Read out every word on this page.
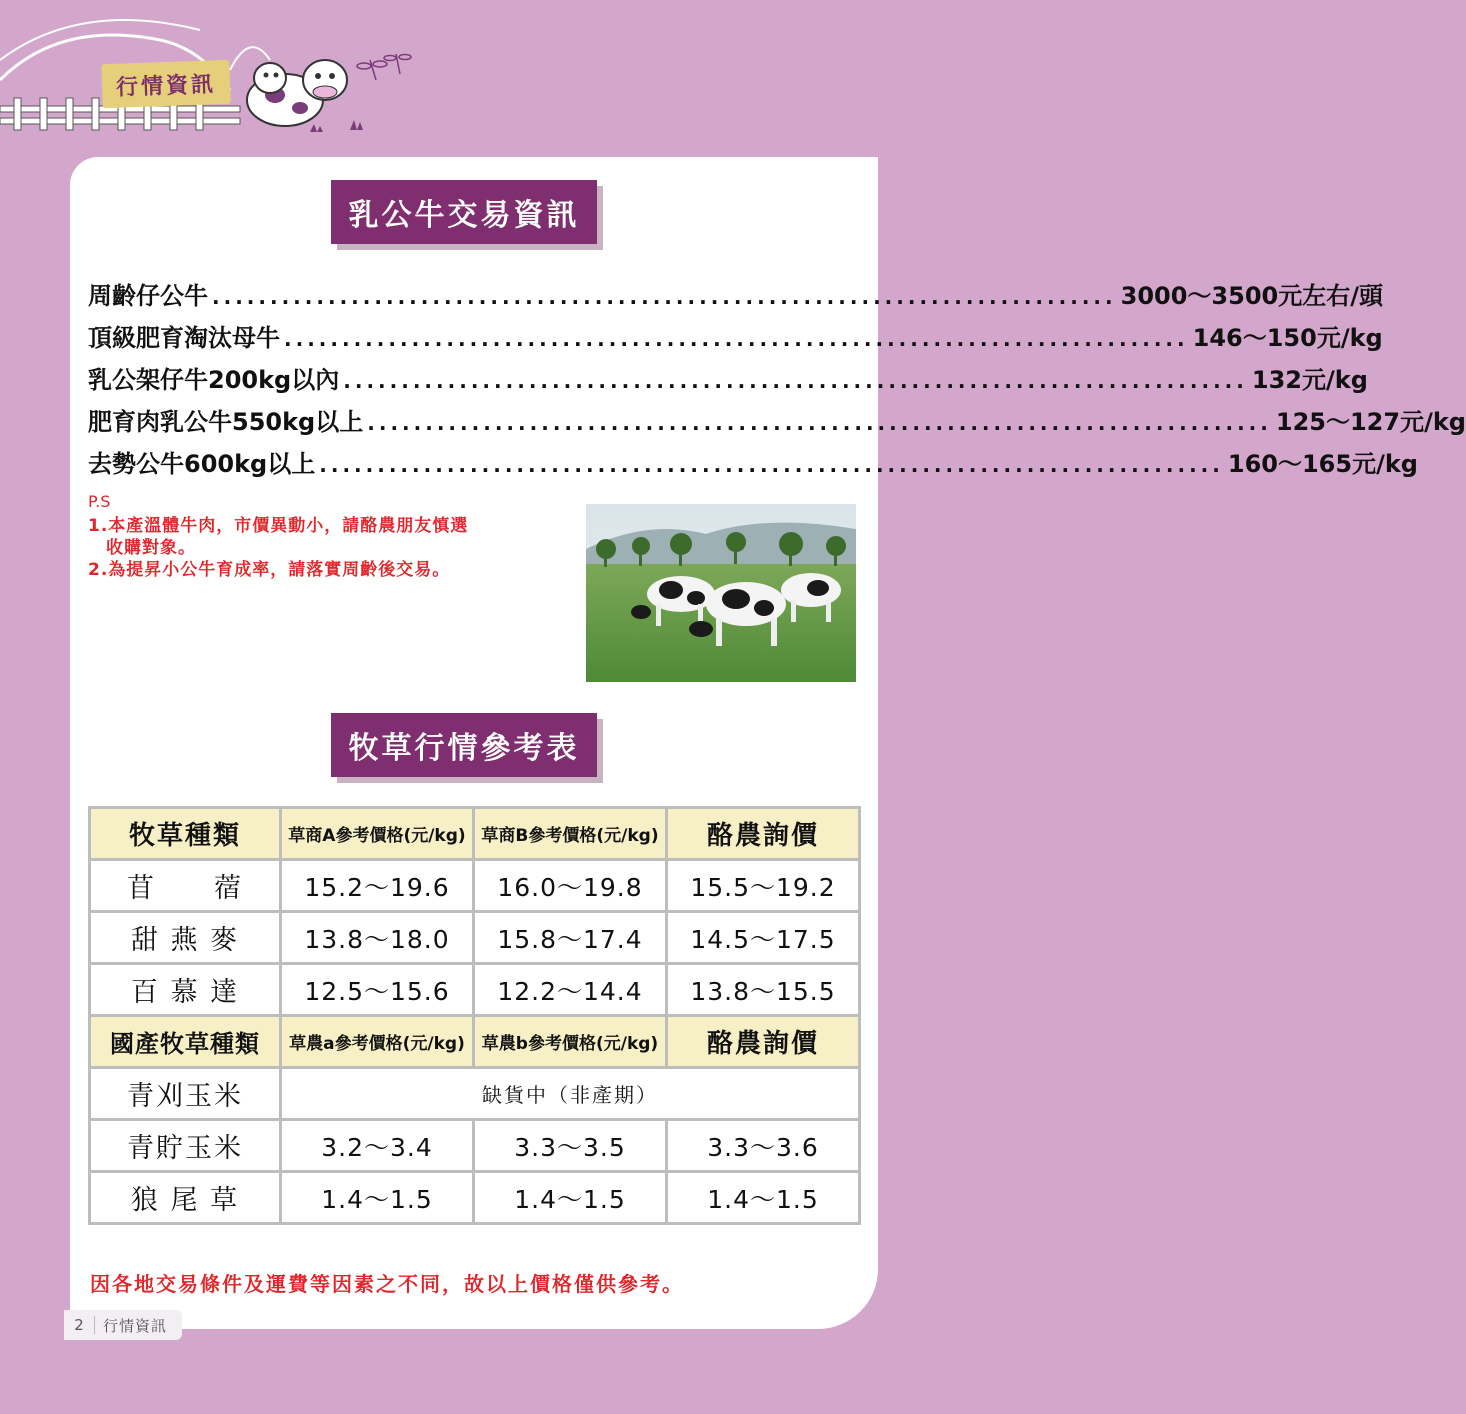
行情資訊
乳公牛交易資訊
周齡仔公牛 .............................................................................. 3000～3500元左右/頭
頂級肥育淘汰母牛 .............................................................................. 146～150元/kg
乳公架仔牛200kg以內 .............................................................................. 132元/kg
肥育肉乳公牛550kg以上 .............................................................................. 125～127元/kg
去勢公牛600kg以上 .............................................................................. 160～165元/kg
P.S
1.本產溫體牛肉，市價異動小，請酪農朋友慎選
收購對象。
2.為提昇小公牛育成率，請落實周齡後交易。
牧草行情參考表
牧草種類	草商A參考價格(元/kg)	草商B參考價格(元/kg)	酪農詢價
苜　　蓿	15.2～19.6	16.0～19.8	15.5～19.2
甜 燕 麥	13.8～18.0	15.8～17.4	14.5～17.5
百 慕 達	12.5～15.6	12.2～14.4	13.8～15.5
國產牧草種類	草農a參考價格(元/kg)	草農b參考價格(元/kg)	酪農詢價
青刈玉米	缺貨中（非產期）		
青貯玉米	3.2～3.4	3.3～3.5	3.3～3.6
狼 尾 草	1.4～1.5	1.4～1.5	1.4～1.5
因各地交易條件及運費等因素之不同，故以上價格僅供參考。
2	行情資訊
